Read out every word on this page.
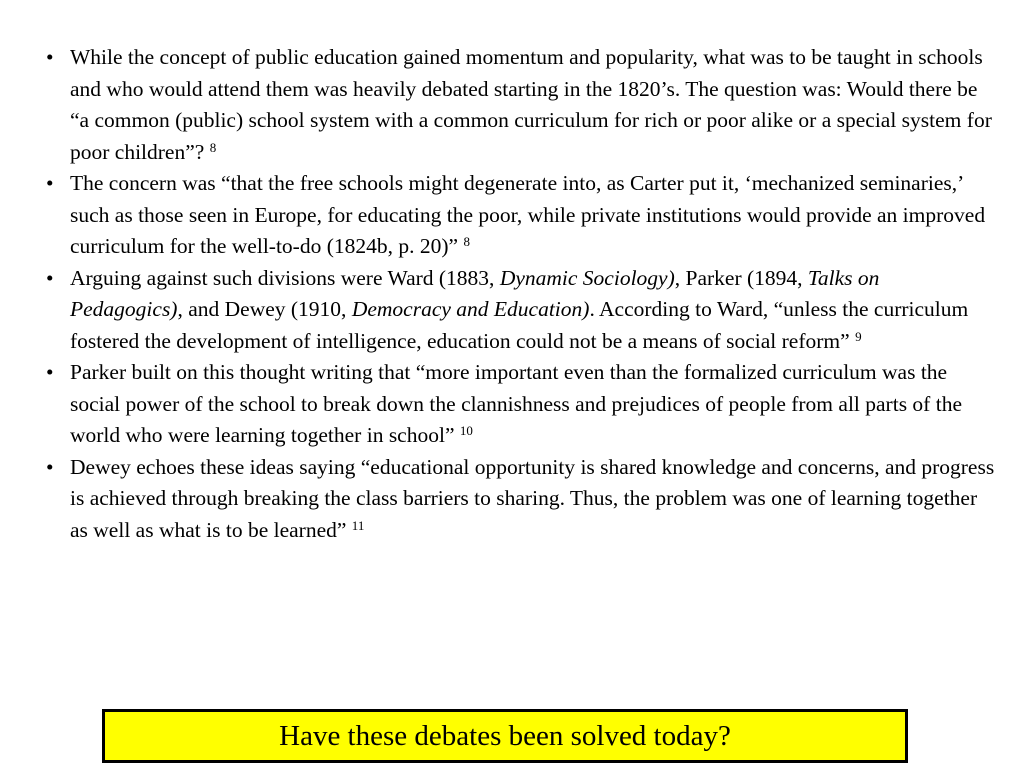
• While the concept of public education gained momentum and popularity, what was to be taught in schools and who would attend them was heavily debated starting in the 1820’s. The question was: Would there be “a common (public) school system with a common curriculum for rich or poor alike or a special system for poor children”? $^8$
• The concern was “that the free schools might degenerate into, as Carter put it, ‘mechanized seminaries,’ such as those seen in Europe, for educating the poor, while private institutions would provide an improved curriculum for the well-to-do (1824b, p. 20)” $^8$
• Arguing against such divisions were Ward (1883, Dynamic Sociology), Parker (1894, Talks on Pedagogics), and Dewey (1910, Democracy and Education). According to Ward, “unless the curriculum fostered the development of intelligence, education could not be a means of social reform” $^9$
• Parker built on this thought writing that “more important even than the formalized curriculum was the social power of the school to break down the clannishness and prejudices of people from all parts of the world who were learning together in school” $^{10}$
• Dewey echoes these ideas saying “educational opportunity is shared knowledge and concerns, and progress is achieved through breaking the class barriers to sharing. Thus, the problem was one of learning together as well as what is to be learned” $^{11}$
Have these debates been solved today?
